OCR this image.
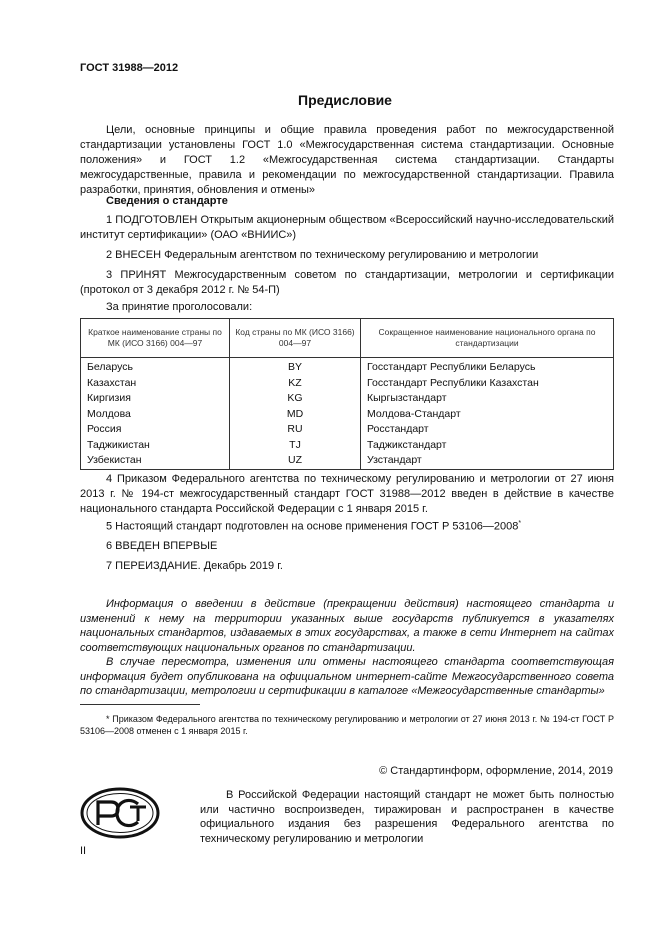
ГОСТ 31988—2012
Предисловие
Цели, основные принципы и общие правила проведения работ по межгосударственной стандартизации установлены ГОСТ 1.0 «Межгосударственная система стандартизации. Основные положения» и ГОСТ 1.2 «Межгосударственная система стандартизации. Стандарты межгосударственные, правила и рекомендации по межгосударственной стандартизации. Правила разработки, принятия, обновления и отмены»
Сведения о стандарте
1 ПОДГОТОВЛЕН Открытым акционерным обществом «Всероссийский научно-исследовательский институт сертификации» (ОАО «ВНИИС»)
2 ВНЕСЕН Федеральным агентством по техническому регулированию и метрологии
3 ПРИНЯТ Межгосударственным советом по стандартизации, метрологии и сертификации (протокол от 3 декабря 2012 г. № 54-П)
За принятие проголосовали:
Краткое наименование страны по МК (ИСО 3166) 004—97	Код страны по МК (ИСО 3166) 004—97	Сокращенное наименование национального органа по стандартизации
Беларусь	BY	Госстандарт Республики Беларусь
Казахстан	KZ	Госстандарт Республики Казахстан
Киргизия	KG	Кыргызстандарт
Молдова	MD	Молдова-Стандарт
Россия	RU	Росстандарт
Таджикистан	TJ	Таджикстандарт
Узбекистан	UZ	Узстандарт
4 Приказом Федерального агентства по техническому регулированию и метрологии от 27 июня 2013 г. № 194-ст межгосударственный стандарт ГОСТ 31988—2012 введен в действие в качестве национального стандарта Российской Федерации с 1 января 2015 г.
5 Настоящий стандарт подготовлен на основе применения ГОСТ Р 53106—2008*
6 ВВЕДЕН ВПЕРВЫЕ
7 ПЕРЕИЗДАНИЕ. Декабрь 2019 г.

Информация о введении в действие (прекращении действия) настоящего стандарта и изменений к нему на территории указанных выше государств публикуется в указателях национальных стандартов, издаваемых в этих государствах, а также в сети Интернет на сайтах соответствующих национальных органов по стандартизации.

В случае пересмотра, изменения или отмены настоящего стандарта соответствующая информация будет опубликована на официальном интернет-сайте Межгосударственного совета по стандартизации, метрологии и сертификации в каталоге «Межгосударственные стандарты»

* Приказом Федерального агентства по техническому регулированию и метрологии от 27 июня 2013 г. № 194-ст ГОСТ Р 53106—2008 отменен с 1 января 2015 г.
© Стандартинформ, оформление, 2014, 2019
В Российской Федерации настоящий стандарт не может быть полностью или частично воспроизведен, тиражирован и распространен в качестве официального издания без разрешения Федерального агентства по техническому регулированию и метрологии
II
